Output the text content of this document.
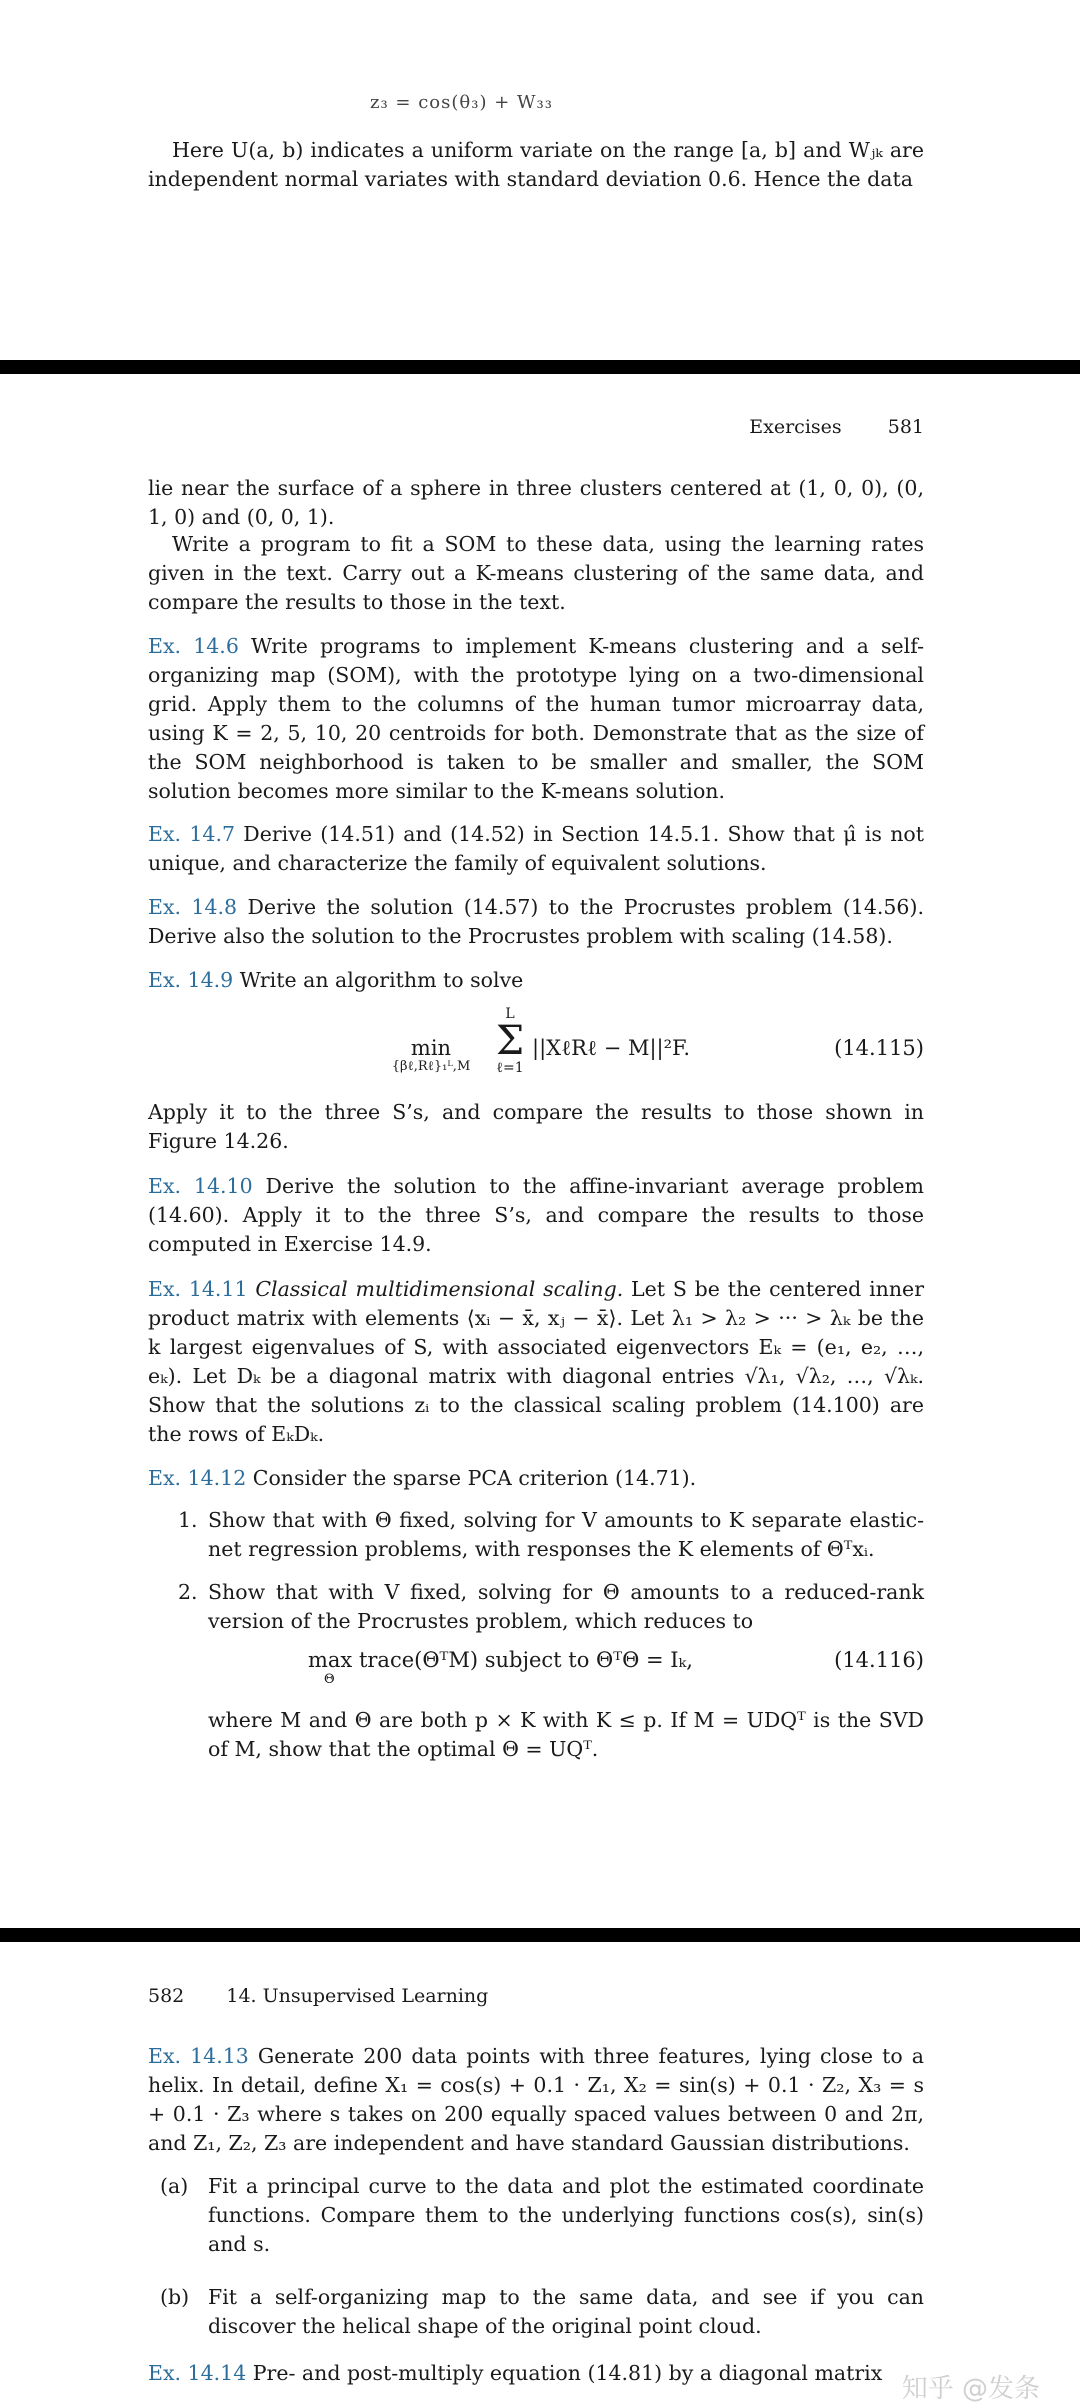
z₃ = cos(θ₃) + W₃₃

Here U(a, b) indicates a uniform variate on the range [a, b] and Wⱼₖ are independent normal variates with standard deviation 0.6. Hence the data

Exercises 581

lie near the surface of a sphere in three clusters centered at (1, 0, 0), (0, 1, 0) and (0, 0, 1).

Write a program to fit a SOM to these data, using the learning rates given in the text. Carry out a K-means clustering of the same data, and compare the results to those in the text.

Ex. 14.6 Write programs to implement K-means clustering and a self-organizing map (SOM), with the prototype lying on a two-dimensional grid. Apply them to the columns of the human tumor microarray data, using K = 2, 5, 10, 20 centroids for both. Demonstrate that as the size of the SOM neighborhood is taken to be smaller and smaller, the SOM solution becomes more similar to the K-means solution.

Ex. 14.7 Derive (14.51) and (14.52) in Section 14.5.1. Show that μ̂ is not unique, and characterize the family of equivalent solutions.

Ex. 14.8 Derive the solution (14.57) to the Procrustes problem (14.56). Derive also the solution to the Procrustes problem with scaling (14.58).

Ex. 14.9 Write an algorithm to solve

min
{βℓ,Rℓ}₁ᴸ,M
L
Σ
ℓ=1
||XℓRℓ − M||²F.	(14.115)

Apply it to the three S’s, and compare the results to those shown in Figure 14.26.

Ex. 14.10 Derive the solution to the affine-invariant average problem (14.60). Apply it to the three S’s, and compare the results to those computed in Exercise 14.9.

Ex. 14.11 Classical multidimensional scaling. Let S be the centered inner product matrix with elements ⟨xᵢ − x̄, xⱼ − x̄⟩. Let λ₁ > λ₂ > ··· > λₖ be the k largest eigenvalues of S, with associated eigenvectors Eₖ = (e₁, e₂, …, eₖ). Let Dₖ be a diagonal matrix with diagonal entries √λ₁, √λ₂, …, √λₖ. Show that the solutions zᵢ to the classical scaling problem (14.100) are the rows of EₖDₖ.

Ex. 14.12 Consider the sparse PCA criterion (14.71).

1. Show that with Θ fixed, solving for V amounts to K separate elastic-net regression problems, with responses the K elements of Θᵀxᵢ.
2. Show that with V fixed, solving for Θ amounts to a reduced-rank version of the Procrustes problem, which reduces to
max trace(ΘᵀM) subject to ΘᵀΘ = Iₖ,
Θ
(14.116)

where M and Θ are both p × K with K ≤ p. If M = UDQᵀ is the SVD of M, show that the optimal Θ = UQᵀ.

582 14. Unsupervised Learning

Ex. 14.13 Generate 200 data points with three features, lying close to a helix. In detail, define X₁ = cos(s) + 0.1 · Z₁, X₂ = sin(s) + 0.1 · Z₂, X₃ = s + 0.1 · Z₃ where s takes on 200 equally spaced values between 0 and 2π, and Z₁, Z₂, Z₃ are independent and have standard Gaussian distributions.

(a) Fit a principal curve to the data and plot the estimated coordinate functions. Compare them to the underlying functions cos(s), sin(s) and s.
(b) Fit a self-organizing map to the same data, and see if you can discover the helical shape of the original point cloud.

Ex. 14.14 Pre- and post-multiply equation (14.81) by a diagonal matrix

知乎 @发条
